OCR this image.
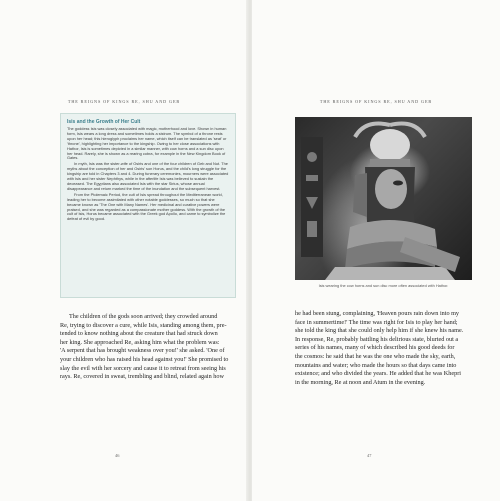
THE REIGNS OF KINGS RE, SHU AND GEB
Isis and the Growth of Her Cult

The goddess Isis was closely associated with magic, motherhood and love. Shown in human form, Isis wears a long dress and sometimes holds a sistrum. The symbol of a throne rests upon her head; this hieroglyph proclaims her name, which itself can be translated as 'seat' or 'throne', highlighting her importance to the kingship. Owing to her close associations with Hathor, Isis is sometimes depicted in a similar manner, with cow horns and a sun disc upon her head. Rarely, she is shown as a rearing cobra, for example in the New Kingdom Book of Gates.

In myth, Isis was the sister-wife of Osiris and one of the four children of Geb and Nut. The myths about the conception of her and Osiris' son Horus, and the child's long struggle for the kingship are told in Chapters 3 and 4. During funerary ceremonies, mourners were associated with Isis and her sister Nephthys, while in the afterlife Isis was believed to sustain the deceased. The Egyptians also associated Isis with the star Sirius, whose annual disappearance and return marked the time of the inundation and the subsequent harvest.

From the Ptolemaic Period, the cult of Isis spread throughout the Mediterranean world, leading her to become assimilated with other notable goddesses, so much so that she became known as 'The One with Many Names'. Her medicinal and curative powers were praised, and she was regarded as a compassionate mother goddess. With the growth of the cult of Isis, Horus became associated with the Greek god Apollo, and came to symbolize the defeat of evil by good.

The children of the gods soon arrived; they crowded around
Re, trying to discover a cure, while Isis, standing among them, pre-
tended to know nothing about the creature that had struck down
her king. She approached Re, asking him what the problem was:
'A serpent that has brought weakness over you!' she asked. 'One of
your children who has raised his head against you!' She promised to
slay the evil with her sorcery and cause it to retreat from seeing his
rays. Re, covered in sweat, trembling and blind, related again how
46
THE REIGNS OF KINGS RE, SHU AND GEB
Isis wearing the cow horns and sun disc more often associated with Hathor.
he had been stung, complaining, 'Heaven pours rain down into my
face in summertime!' The time was right for Isis to play her hand;
she told the king that she could only help him if she knew his name.
In response, Re, probably battling his delirious state, blurted out a
series of his names, many of which described his good deeds for
the cosmos: he said that he was the one who made the sky, earth,
mountains and water; who made the hours so that days came into
existence; and who divided the years. He added that he was Khepri
in the morning, Re at noon and Atum in the evening.
47
